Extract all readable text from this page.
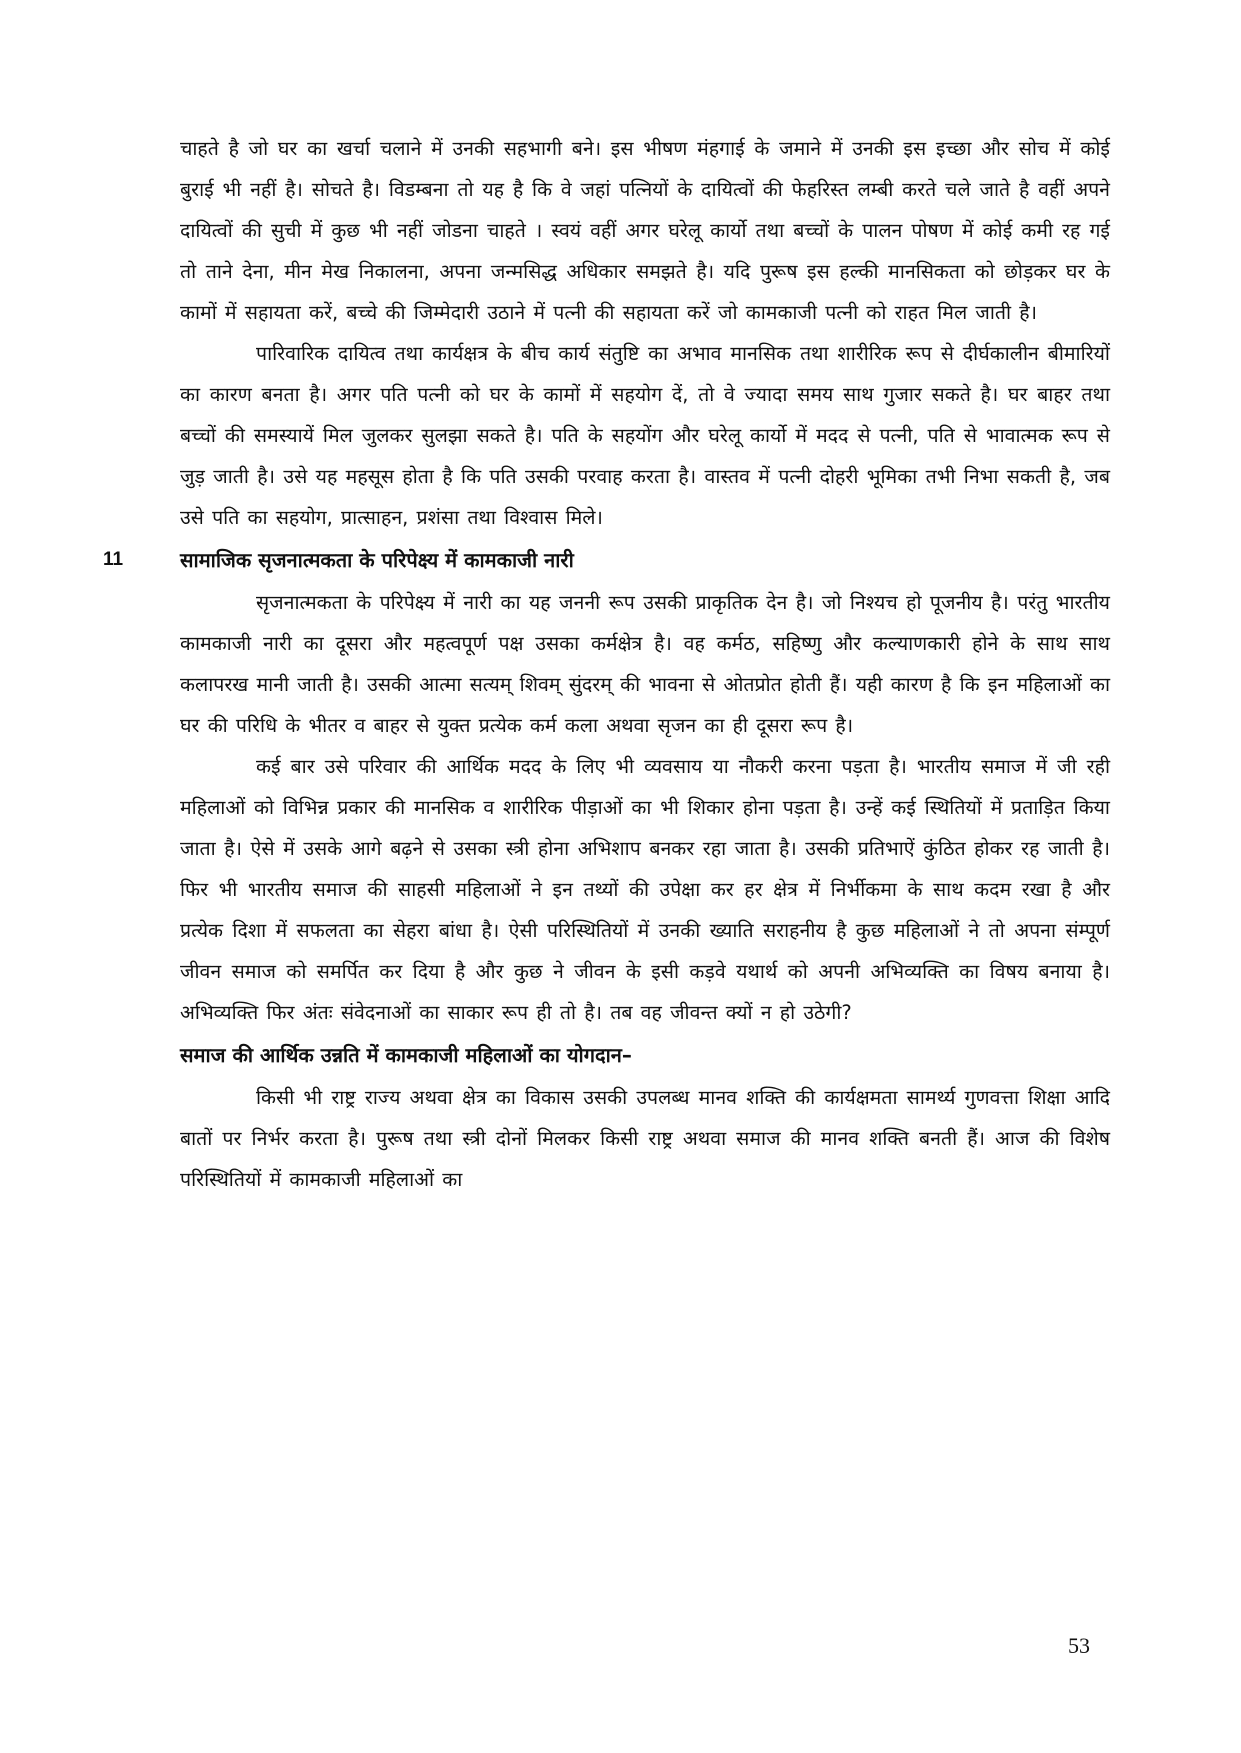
चाहते है जो घर का खर्चा चलाने में उनकी सहभागी बने। इस भीषण मंहगाई के जमाने में उनकी इस इच्छा और सोच में कोई बुराई भी नहीं है। सोचते है। विडम्बना तो यह है कि वे जहां पत्नियों के दायित्वों की फेहरिस्त लम्बी करते चले जाते है वहीं अपने दायित्वों की सुची में कुछ भी नहीं जोडना चाहते । स्वयं वहीं अगर घरेलू कार्यो तथा बच्चों के पालन पोषण में कोई कमी रह गई तो ताने देना, मीन मेख निकालना, अपना जन्मसिद्ध अधिकार समझते है। यदि पुरूष इस हल्की मानसिकता को छोड़कर घर के कामों में सहायता करें, बच्चे की जिम्मेदारी उठाने में पत्नी की सहायता करें जो कामकाजी पत्नी को राहत मिल जाती है।

पारिवारिक दायित्व तथा कार्यक्षत्र के बीच कार्य संतुष्टि का अभाव मानसिक तथा शारीरिक रूप से दीर्घकालीन बीमारियों का कारण बनता है। अगर पति पत्नी को घर के कामों में सहयोग दें, तो वे ज्यादा समय साथ गुजार सकते है। घर बाहर तथा बच्चों की समस्यायें मिल जुलकर सुलझा सकते है। पति के सहयोंग और घरेलू कार्यो में मदद से पत्नी, पति से भावात्मक रूप से जुड़ जाती है। उसे यह महसूस होता है कि पति उसकी परवाह करता है। वास्तव में पत्नी दोहरी भूमिका तभी निभा सकती है, जब उसे पति का सहयोग, प्रात्साहन, प्रशंसा तथा विश्वास मिले।

11	सामाजिक सृजनात्मकता के परिपेक्ष्य में कामकाजी नारी

सृजनात्मकता के परिपेक्ष्य में नारी का यह जननी रूप उसकी प्राकृतिक देन है। जो निश्यच हो पूजनीय है। परंतु भारतीय कामकाजी नारी का दूसरा और महत्वपूर्ण पक्ष उसका कर्मक्षेत्र है। वह कर्मठ, सहिष्णु और कल्याणकारी होने के साथ साथ कलापरख मानी जाती है। उसकी आत्मा सत्यम् शिवम् सुंदरम् की भावना से ओतप्रोत होती हैं। यही कारण है कि इन महिलाओं का घर की परिधि के भीतर व बाहर से युक्त प्रत्येक कर्म कला अथवा सृजन का ही दूसरा रूप है।

कई बार उसे परिवार की आर्थिक मदद के लिए भी व्यवसाय या नौकरी करना पड़ता है। भारतीय समाज में जी रही महिलाओं को विभिन्न प्रकार की मानसिक व शारीरिक पीड़ाओं का भी शिकार होना पड़ता है। उन्हें कई स्थितियों में प्रताड़ित किया जाता है। ऐसे में उसके आगे बढ़ने से उसका स्त्री होना अभिशाप बनकर रहा जाता है। उसकी प्रतिभाऐं कुंठित होकर रह जाती है। फिर भी भारतीय समाज की साहसी महिलाओं ने इन तथ्यों की उपेक्षा कर हर क्षेत्र में निर्भीकमा के साथ कदम रखा है और प्रत्येक दिशा में सफलता का सेहरा बांधा है। ऐसी परिस्थितियों में उनकी ख्याति सराहनीय है कुछ महिलाओं ने तो अपना संम्पूर्ण जीवन समाज को समर्पित कर दिया है और कुछ ने जीवन के इसी कड़वे यथार्थ को अपनी अभिव्यक्ति का विषय बनाया है। अभिव्यक्ति फिर अंतः संवेदनाओं का साकार रूप ही तो है। तब वह जीवन्त क्यों न हो उठेगी?

समाज की आर्थिक उन्नति में कामकाजी महिलाओं का योगदान–

किसी भी राष्ट्र राज्य अथवा क्षेत्र का विकास उसकी उपलब्ध मानव शक्ति की कार्यक्षमता सामर्थ्य गुणवत्ता शिक्षा आदि बातों पर निर्भर करता है। पुरूष तथा स्त्री दोनों मिलकर किसी राष्ट्र अथवा समाज की मानव शक्ति बनती हैं। आज की विशेष परिस्थितियों में कामकाजी महिलाओं का

53
